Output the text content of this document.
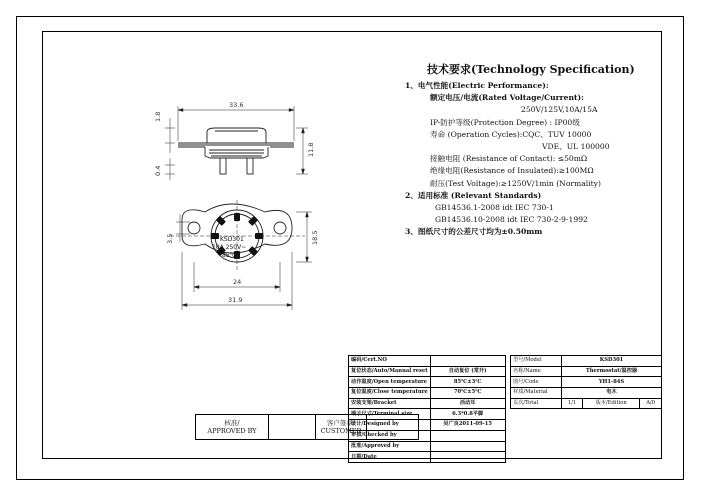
33.6
1.8
11.8
0.4
KSD301
10A 250V~
85℃
3.5	18.5
24
31.9
技术要求(Technology Specification)
1、电气性能(Electric Performance):
额定电压/电流(Rated Voltage/Current):
250V/125V,10A/15A
IP-防护等级(Protection Degree) : IP00级
寿命 (Operation Cycles):CQC、TUV 10000
VDE、UL 100000
接触电阻 (Resistance of Contact): ≤50mΩ
绝缘电阻(Resistance of Insulated):≥100MΩ
耐压(Test Voltage):≥1250V/1min (Normality)
2、适用标准 (Relevant Standards)
GB14536.1-2008 idt IEC 730-1
GB14536.10-2008 idt IEC 730-2-9-1992
3、图纸尺寸的公差尺寸均为±0.50mm
核准/
APPROVED BY		客户签章/
CUSTOMER	
编码/Cert.NO	
复位状态/Auto/Manual reset	自动复位 (常开)
动作温度/Open temperature	85℃±3℃
复位温度/Close temperature	70℃±5℃
安装支架/Bracket	活动耳
端子尺寸/Terminal size	6.3*0.8平脚
设计/Designed by	吴广良2011-09-15
审核/Checked by	
批准/Approved by	
日期/Date	
型号/Model	KSD301		
名称/Name	Thermostat/温控器		
图号/Code	YH1-84S		
材质/Material	电木		
页次/Total	1/1	版本/Edition	A/0
